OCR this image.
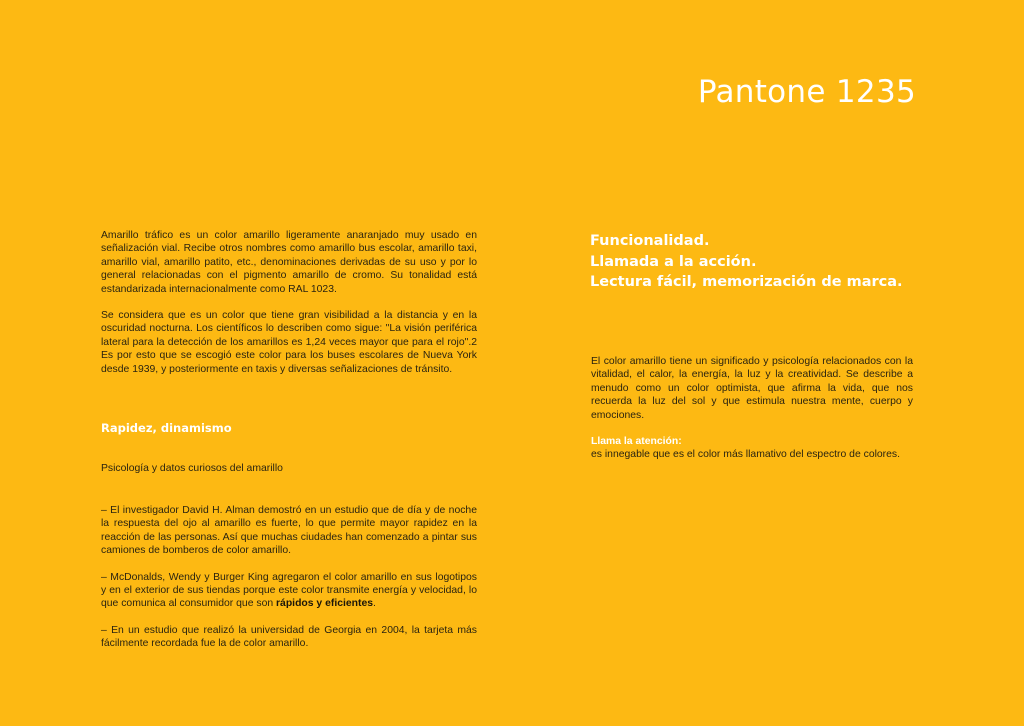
Pantone 1235

Amarillo tráfico es un color amarillo ligeramente anaranjado muy usado en señalización vial. Recibe otros nombres como amarillo bus escolar, amarillo taxi, amarillo vial, amarillo patito, etc., denominaciones derivadas de su uso y por lo general relacionadas con el pigmento amarillo de cromo. Su tonalidad está estandarizada internacionalmente como RAL 1023.

Se considera que es un color que tiene gran visibilidad a la distancia y en la oscuridad nocturna. Los científicos lo describen como sigue: "La visión periférica lateral para la detección de los amarillos es 1,24 veces mayor que para el rojo".2 Es por esto que se escogió este color para los buses escolares de Nueva York desde 1939, y posteriormente en taxis y diversas señalizaciones de tránsito.

Rapidez, dinamismo

Psicología y datos curiosos del amarillo

– El investigador David H. Alman demostró en un estudio que de día y de noche la respuesta del ojo al amarillo es fuerte, lo que permite mayor rapidez en la reacción de las personas. Así que muchas ciudades han comenzado a pintar sus camiones de bomberos de color amarillo.

– McDonalds, Wendy y Burger King agregaron el color amarillo en sus logotipos y en el exterior de sus tiendas porque este color transmite energía y velocidad, lo que comunica al consumidor que son rápidos y eficientes.

– En un estudio que realizó la universidad de Georgia en 2004, la tarjeta más fácilmente recordada fue la de color amarillo.

Funcionalidad.
Llamada a la acción.
Lectura fácil, memorización de marca.

El color amarillo tiene un significado y psicología relacionados con la vitalidad, el calor, la energía, la luz y la creatividad. Se describe a menudo como un color optimista, que afirma la vida, que nos recuerda la luz del sol y que estimula nuestra mente, cuerpo y emociones.

Llama la atención:

es innegable que es el color más llamativo del espectro de colores.
